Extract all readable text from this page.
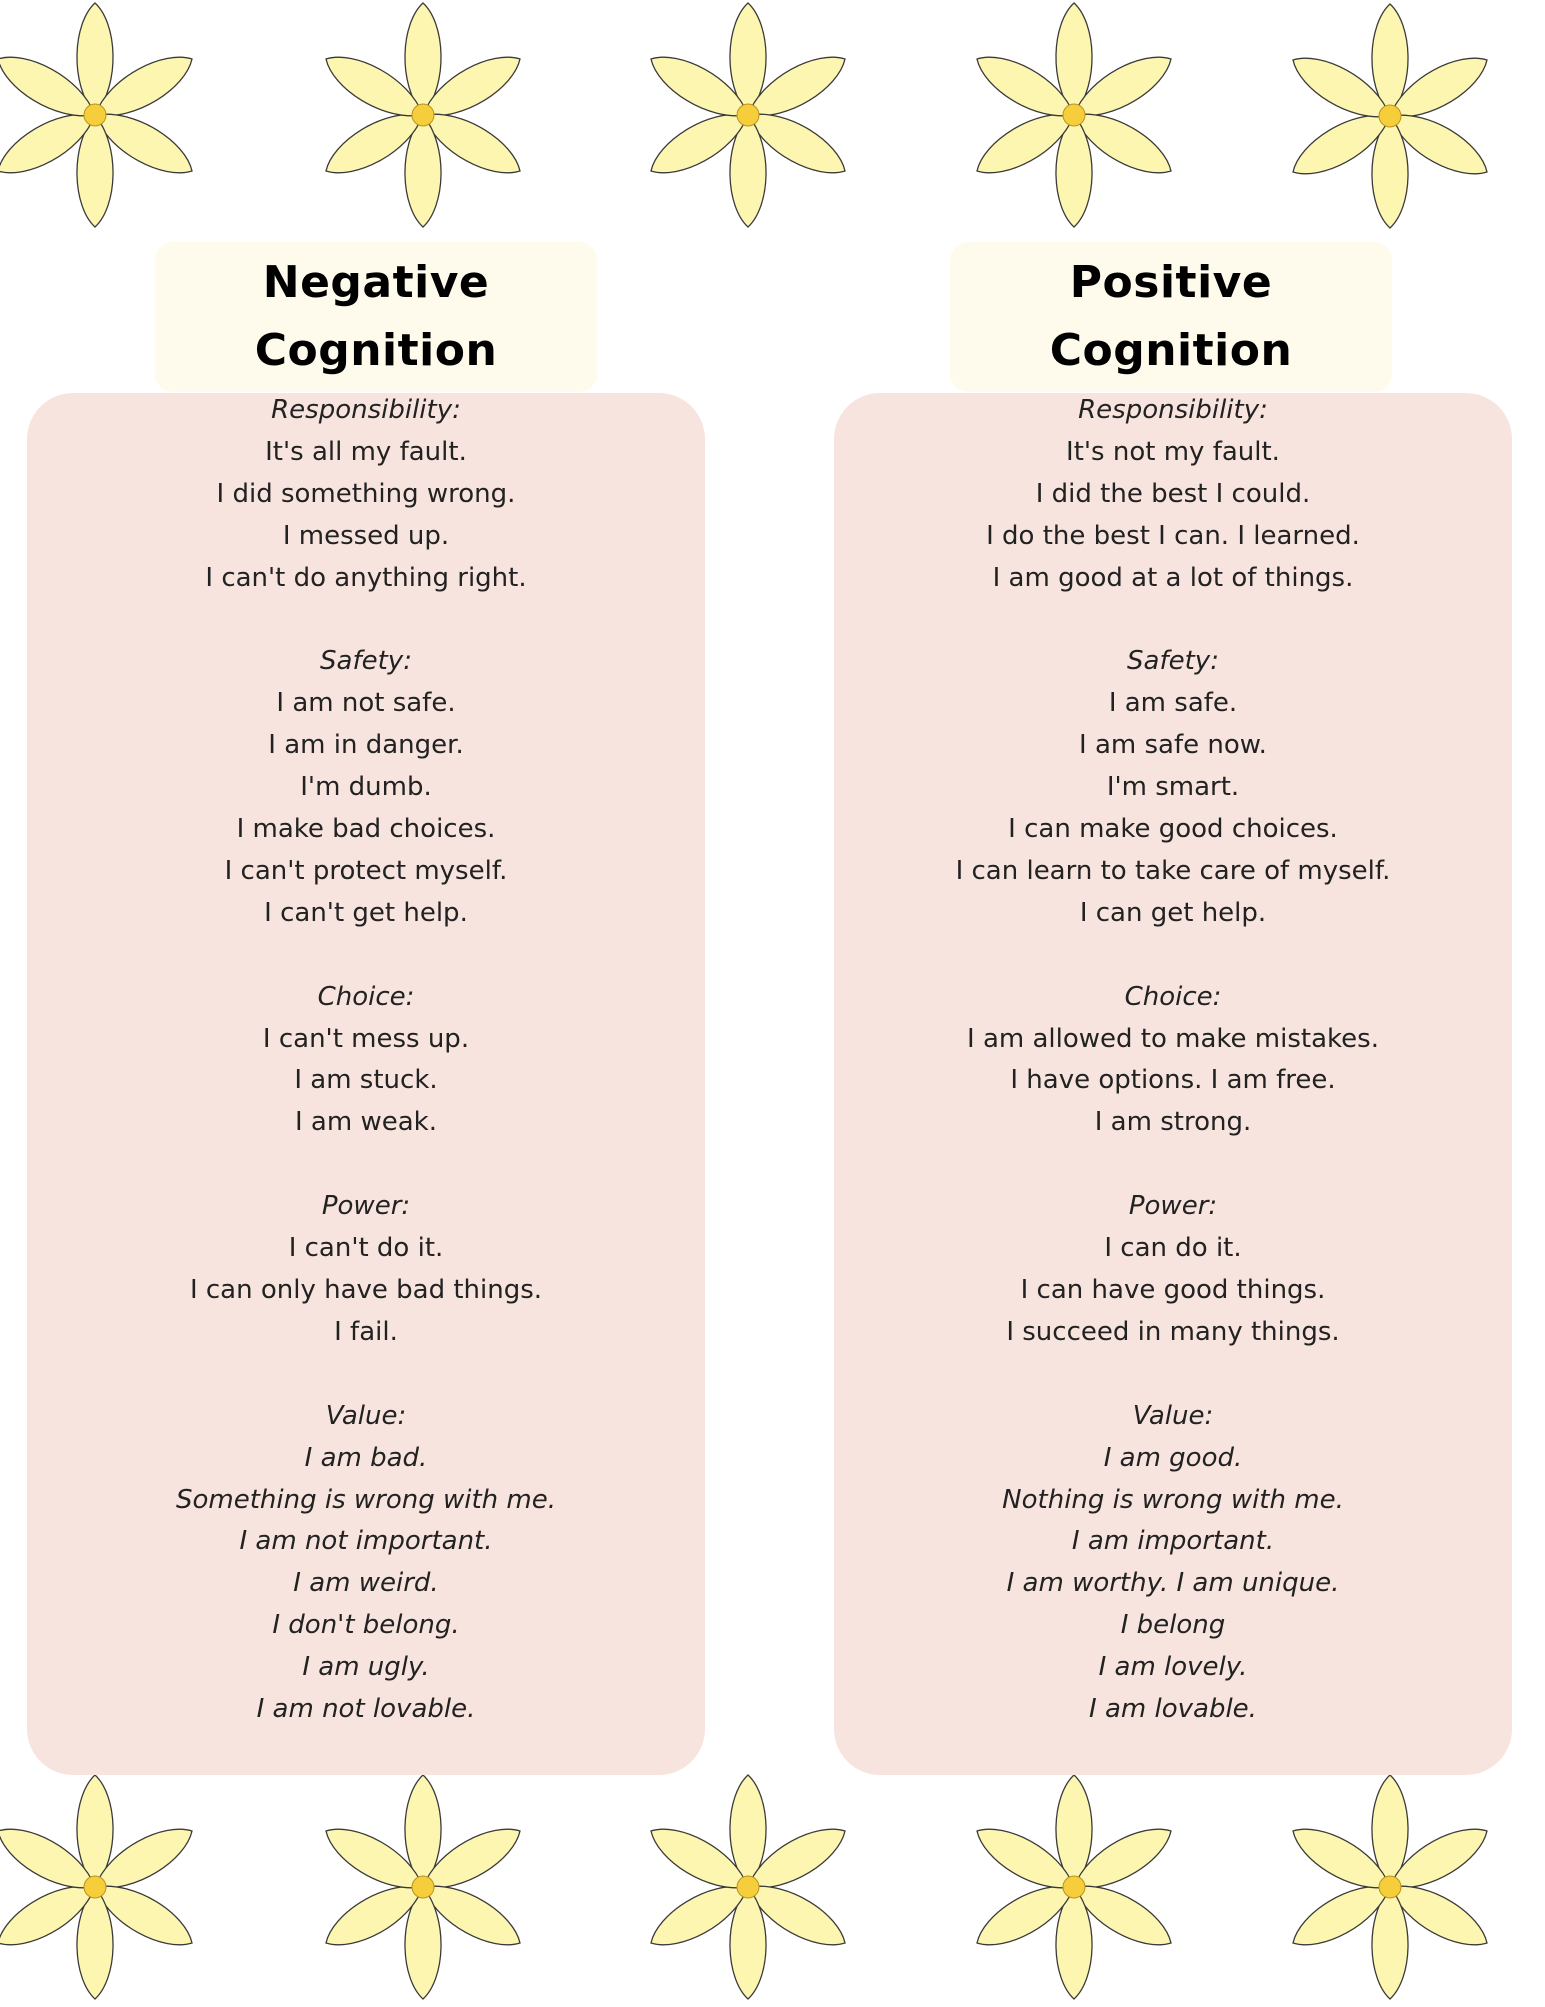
Negative
Cognition
Positive
Cognition
Responsibility:
It's all my fault.
I did something wrong.
I messed up.
I can't do anything right.
Safety:
I am not safe.
I am in danger.
I'm dumb.
I make bad choices.
I can't protect myself.
I can't get help.
Choice:
I can't mess up.
I am stuck.
I am weak.
Power:
I can't do it.
I can only have bad things.
I fail.
Value:
I am bad.
Something is wrong with me.
I am not important.
I am weird.
I don't belong.
I am ugly.
I am not lovable.
Responsibility:
It's not my fault.
I did the best I could.
I do the best I can. I learned.
I am good at a lot of things.
Safety:
I am safe.
I am safe now.
I'm smart.
I can make good choices.
I can learn to take care of myself.
I can get help.
Choice:
I am allowed to make mistakes.
I have options. I am free.
I am strong.
Power:
I can do it.
I can have good things.
I succeed in many things.
Value:
I am good.
Nothing is wrong with me.
I am important.
I am worthy. I am unique.
I belong
I am lovely.
I am lovable.
